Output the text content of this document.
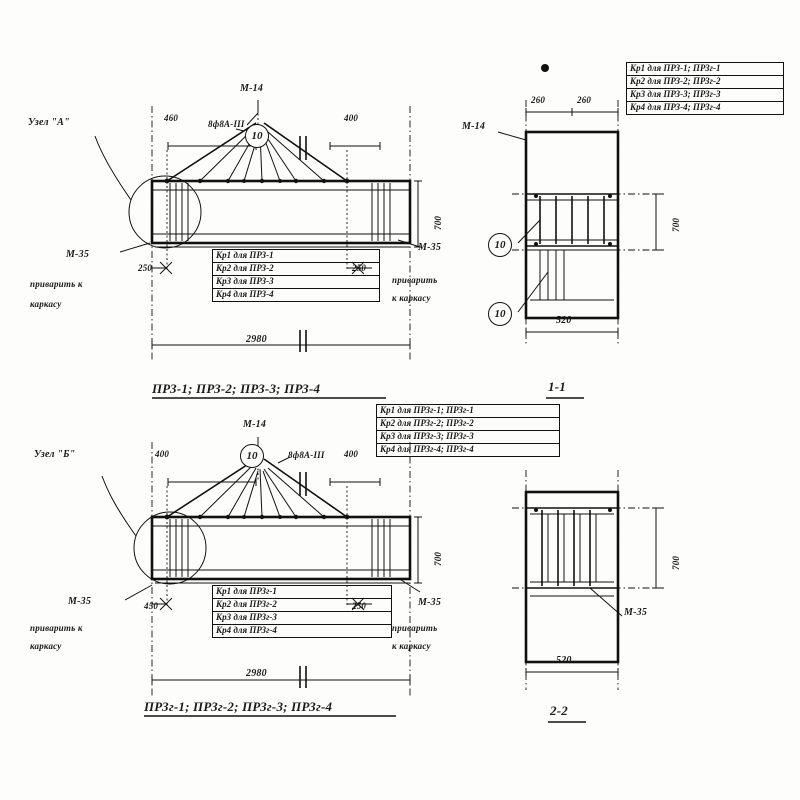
Узел "А"
М-14
8ф8A-III
10
460	400
700
250	250
2980
М-35
приварить к
каркасу
М-35
приварить
к каркасу
ПРЗ-1; ПРЗ-2; ПРЗ-3; ПРЗ-4
Кр1 для ПРЗ-1
Кр2 для ПРЗ-2
Кр3 для ПРЗ-3
Кр4 для ПРЗ-4
Узел "Б"
М-14
8ф8A-III
10
400	400
700
450	250
2980
М-35
приварить к
каркасу
М-35
приварить
к каркасу
ПРЗг-1; ПРЗг-2; ПРЗг-3; ПРЗг-4
Кр1 для ПРЗг-1
Кр2 для ПРЗг-2
Кр3 для ПРЗг-3
Кр4 для ПРЗг-4
М-14
10
10
260	260
700
520
1-1
Кр1 для ПРЗ-1; ПРЗг-1
Кр2 для ПРЗ-2; ПРЗг-2
Кр3 для ПРЗ-3; ПРЗг-3
Кр4 для ПРЗ-4; ПРЗг-4
М-35
700
520
2-2
Кр1 для ПРЗг-1; ПРЗг-1
Кр2 для ПРЗг-2; ПРЗг-2
Кр3 для ПРЗг-3; ПРЗг-3
Кр4 для ПРЗг-4; ПРЗг-4
